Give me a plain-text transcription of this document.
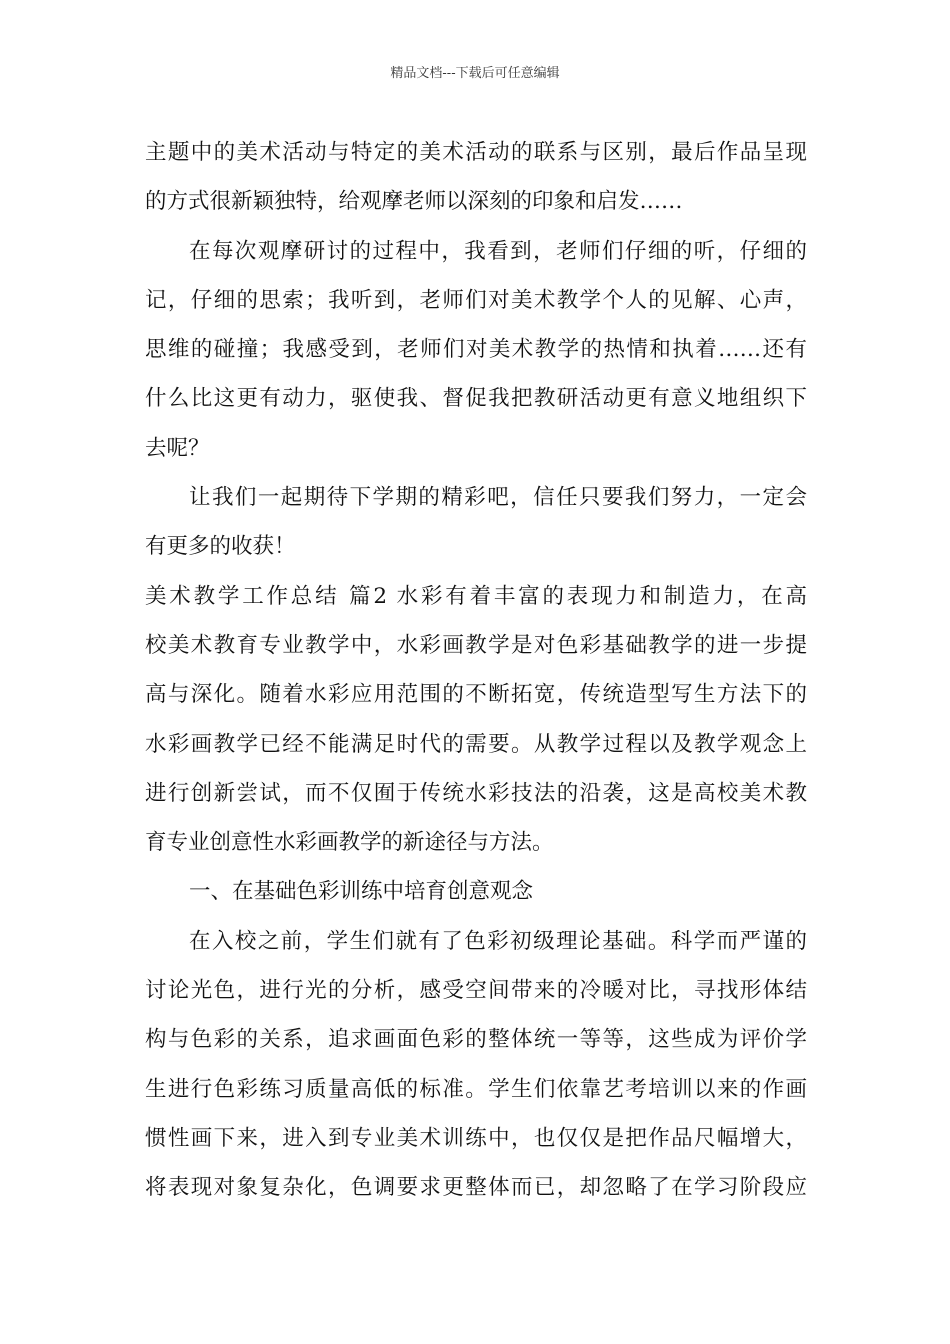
精品文档---下载后可任意编辑
主题中的美术活动与特定的美术活动的联系与区别，最后作品呈现
的方式很新颖独特，给观摩老师以深刻的印象和启发……
在每次观摩研讨的过程中，我看到，老师们仔细的听，仔细的
记，仔细的思索；我听到，老师们对美术教学个人的见解、心声，
思维的碰撞；我感受到，老师们对美术教学的热情和执着……还有
什么比这更有动力，驱使我、督促我把教研活动更有意义地组织下
去呢？
让我们一起期待下学期的精彩吧，信任只要我们努力，一定会
有更多的收获！
美术教学工作总结 篇2 水彩有着丰富的表现力和制造力，在高
校美术教育专业教学中，水彩画教学是对色彩基础教学的进一步提
高与深化。随着水彩应用范围的不断拓宽，传统造型写生方法下的
水彩画教学已经不能满足时代的需要。从教学过程以及教学观念上
进行创新尝试，而不仅囿于传统水彩技法的沿袭，这是高校美术教
育专业创意性水彩画教学的新途径与方法。
一、在基础色彩训练中培育创意观念
在入校之前，学生们就有了色彩初级理论基础。科学而严谨的
讨论光色，进行光的分析，感受空间带来的冷暖对比，寻找形体结
构与色彩的关系，追求画面色彩的整体统一等等，这些成为评价学
生进行色彩练习质量高低的标准。学生们依靠艺考培训以来的作画
惯性画下来，进入到专业美术训练中，也仅仅是把作品尺幅增大，
将表现对象复杂化，色调要求更整体而已，却忽略了在学习阶段应
